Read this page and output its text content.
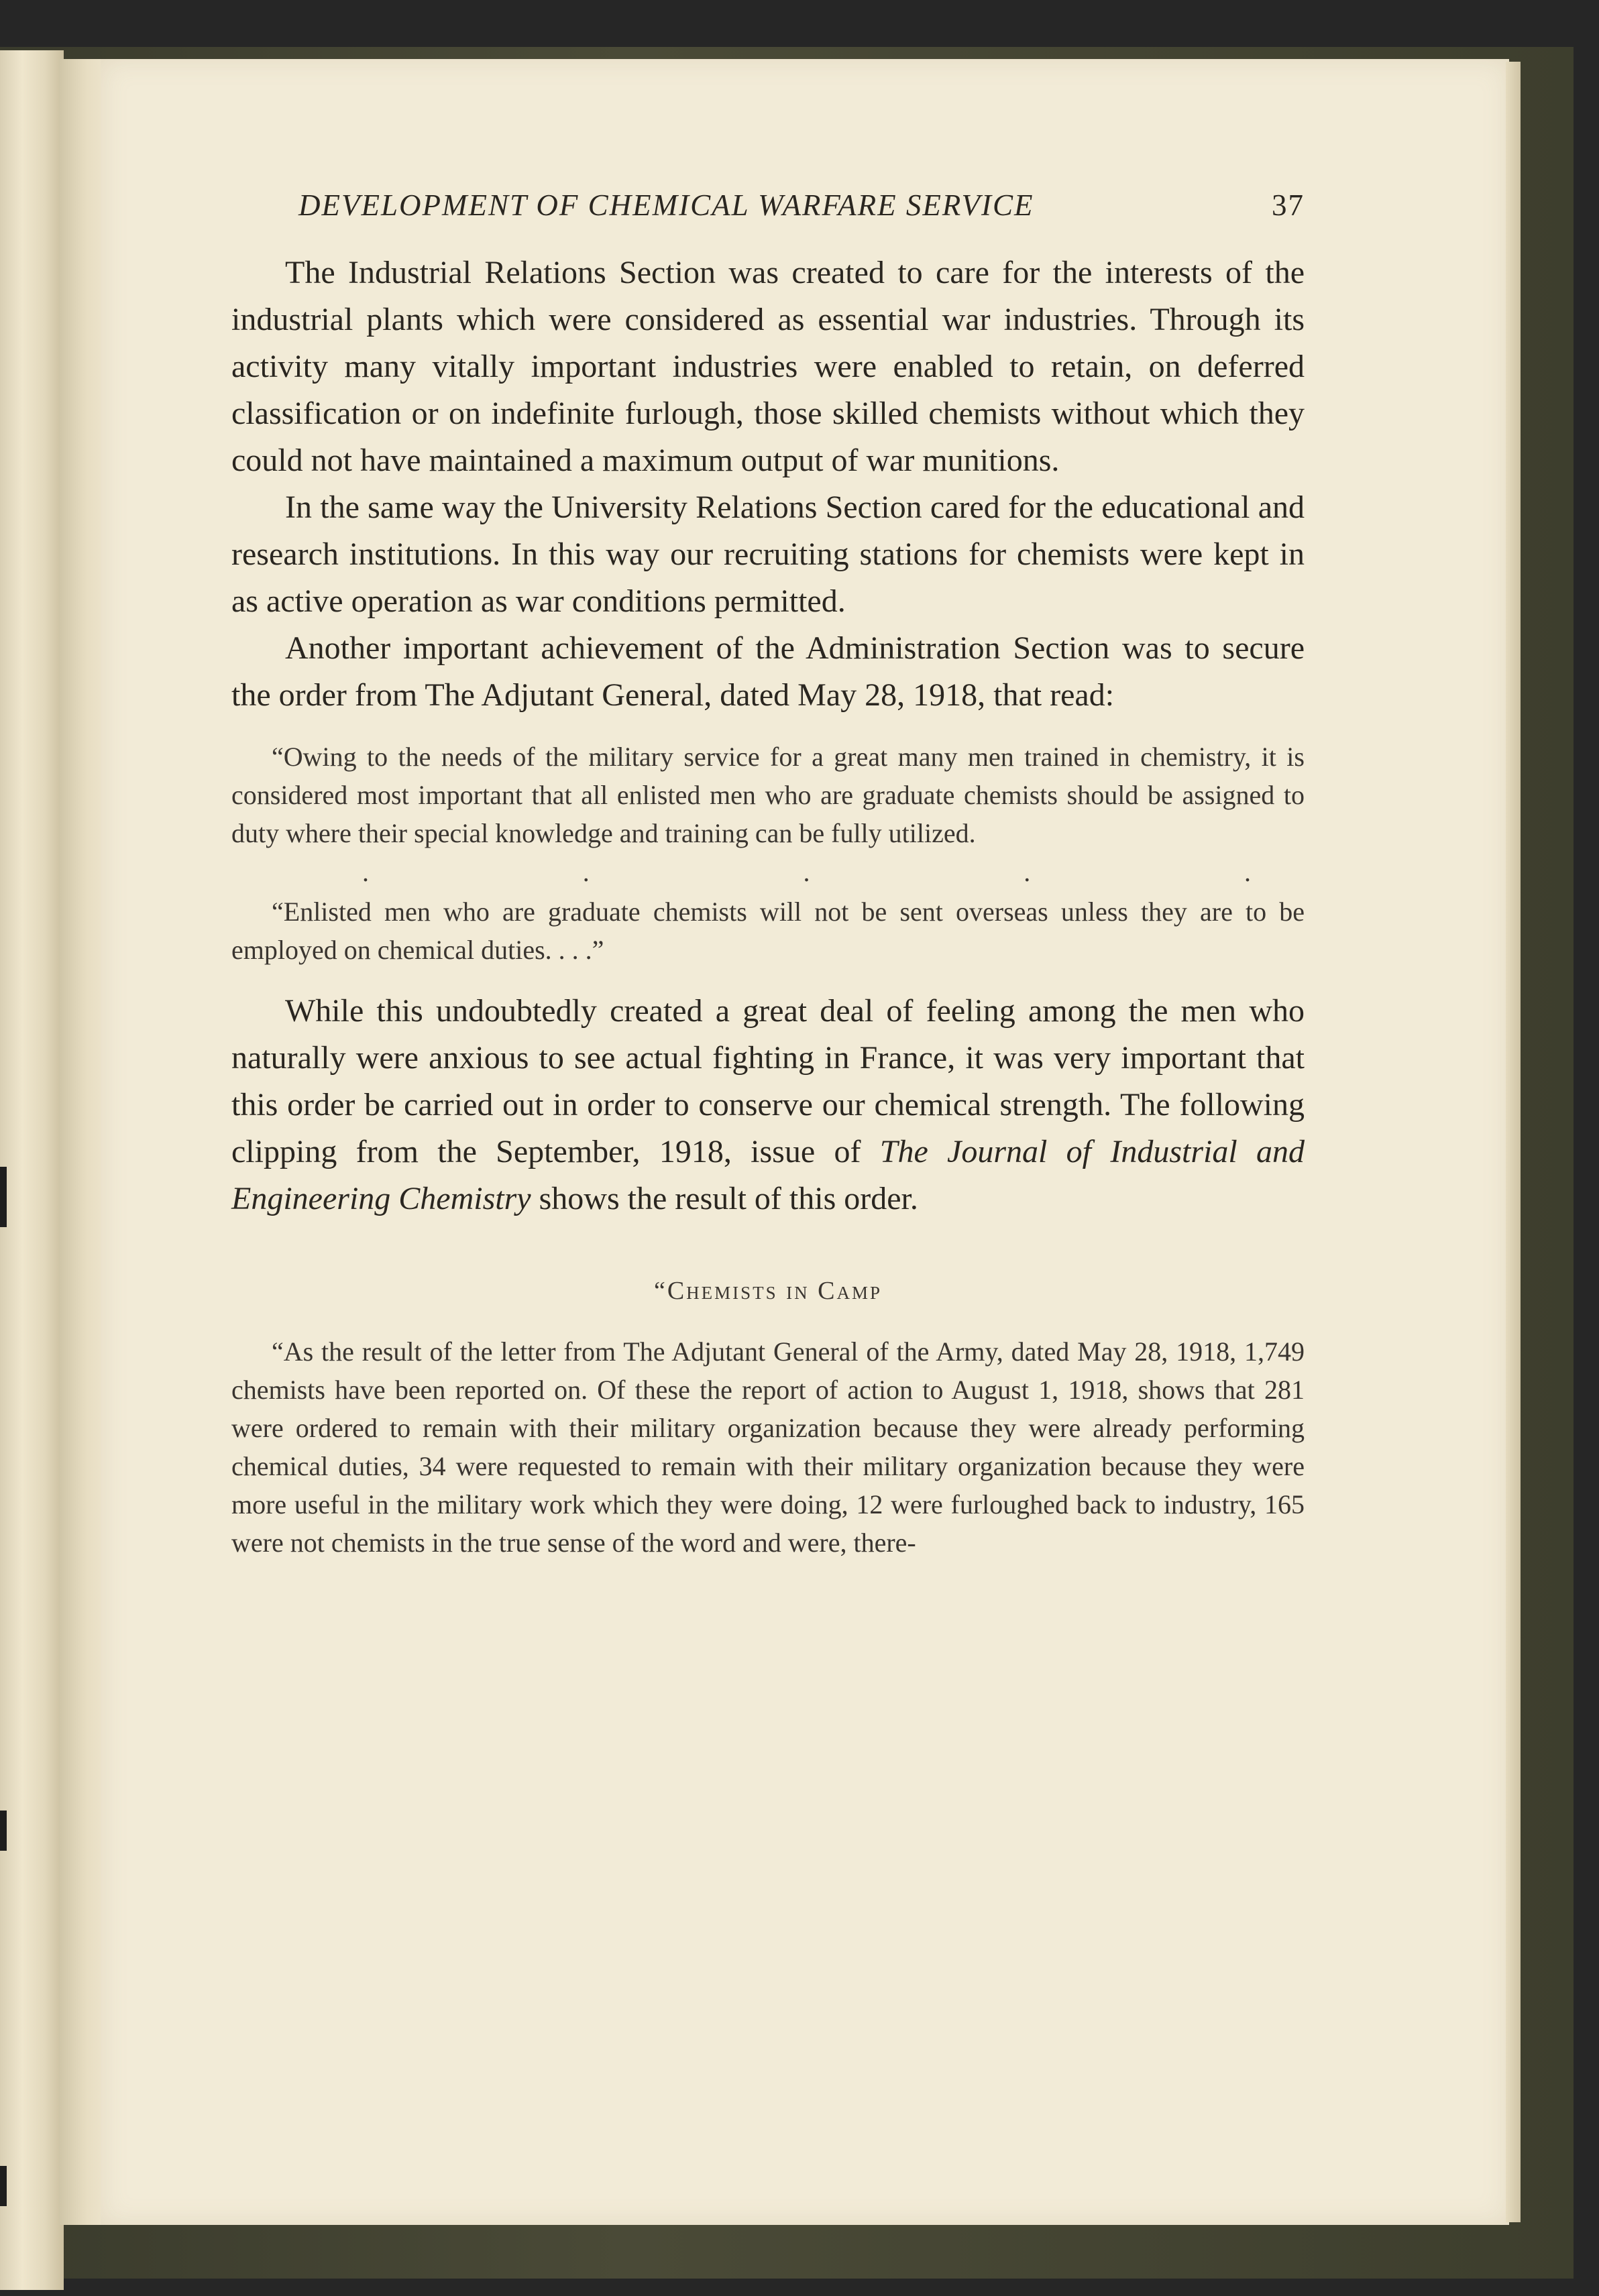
DEVELOPMENT OF CHEMICAL WARFARE SERVICE	37

The Industrial Relations Section was created to care for the interests of the industrial plants which were considered as essential war industries. Through its activity many vitally important industries were enabled to retain, on deferred classification or on indefinite furlough, those skilled chemists without which they could not have maintained a maximum output of war munitions.

In the same way the University Relations Section cared for the educational and research institutions. In this way our recruiting stations for chemists were kept in as active operation as war conditions permitted.

Another important achievement of the Administration Section was to secure the order from The Adjutant General, dated May 28, 1918, that read:

“Owing to the needs of the military service for a great many men trained in chemistry, it is considered most important that all enlisted men who are graduate chemists should be assigned to duty where their special knowledge and training can be fully utilized.

.	.	.	.	.

“Enlisted men who are graduate chemists will not be sent overseas unless they are to be employed on chemical duties. . . .”

While this undoubtedly created a great deal of feeling among the men who naturally were anxious to see actual fighting in France, it was very important that this order be carried out in order to conserve our chemical strength. The following clipping from the September, 1918, issue of The Journal of Industrial and Engineering Chemistry shows the result of this order.

“Chemists in Camp

“As the result of the letter from The Adjutant General of the Army, dated May 28, 1918, 1,749 chemists have been reported on. Of these the report of action to August 1, 1918, shows that 281 were ordered to remain with their military organization because they were already performing chemical duties, 34 were requested to remain with their military organization because they were more useful in the military work which they were doing, 12 were furloughed back to industry, 165 were not chemists in the true sense of the word and were, there-
